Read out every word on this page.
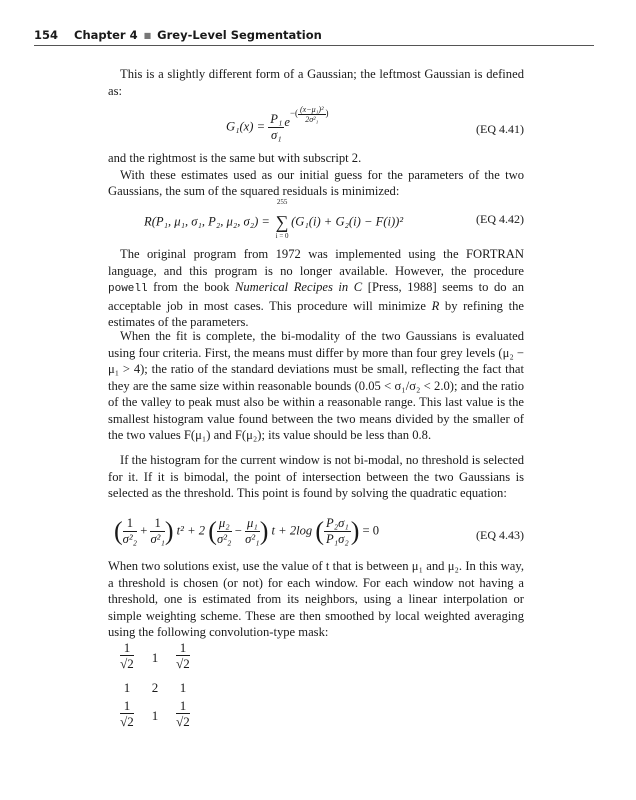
154 Chapter 4 ■ Grey-Level Segmentation

This is a slightly different form of a Gaussian; the leftmost Gaussian is defined as:

$G_1(x) = \frac{\text{P₁}}{\text{σ₁}} e^{-( \frac{\text{(x−μ₁)²}}{\text{2σ²₁}} )}$
(EQ 4.41)

and the rightmost is the same but with subscript 2.

With these estimates used as our initial guess for the parameters of the two Gaussians, the sum of the squared residuals is minimized:

R(P₁, μ₁, σ₁, P₂, μ₂, σ₂) =
255
∑
i = 0
(G₁(i) + G₂(i) − F(i))²	(EQ 4.42)

The original program from 1972 was implemented using the FORTRAN language, and this program is no longer available. However, the procedure powell from the book Numerical Recipes in C [Press, 1988] seems to do an acceptable job in most cases. This procedure will minimize R by refining the estimates of the parameters.

When the fit is complete, the bi-modality of the two Gaussians is evaluated using four criteria. First, the means must differ by more than four grey levels (μ₂ − μ₁ > 4); the ratio of the standard deviations must be small, reflecting the fact that they are the same size within reasonable bounds (0.05 < σ₁/σ₂ < 2.0); and the ratio of the valley to peak must also be within a reasonable range. This last value is the smallest histogram value found between the two means divided by the smaller of the two values F(μ₁) and F(μ₂); its value should be less than 0.8.

If the histogram for the current window is not bi-modal, no threshold is selected for it. If it is bimodal, the point of intersection between the two Gaussians is selected as the threshold. This point is found by solving the quadratic equation:

( $\frac{1}{\text{σ²₂}} + \frac{1}{\text{σ²₁}}$ ) t² + 2 ( $\frac{\text{μ₂}}{\text{σ²₂}} - \frac{\text{μ₁}}{\text{σ²₁}}$ ) t + 2log ( $\frac{\text{P₂σ₁}}{\text{P₁σ₂}}$ ) = 0	(EQ 4.43)

When two solutions exist, use the value of t that is between μ₁ and μ₂. In this way, a threshold is chosen (or not) for each window. For each window not having a threshold, one is estimated from its neighbors, using a linear interpolation or simple weighting scheme. These are then smoothed by local weighted averaging using the following convolution-type mask:

$\frac{1}{√2}$	1	$\frac{1}{√2}$
1	2	1
$\frac{1}{√2}$	1	$\frac{1}{√2}$
